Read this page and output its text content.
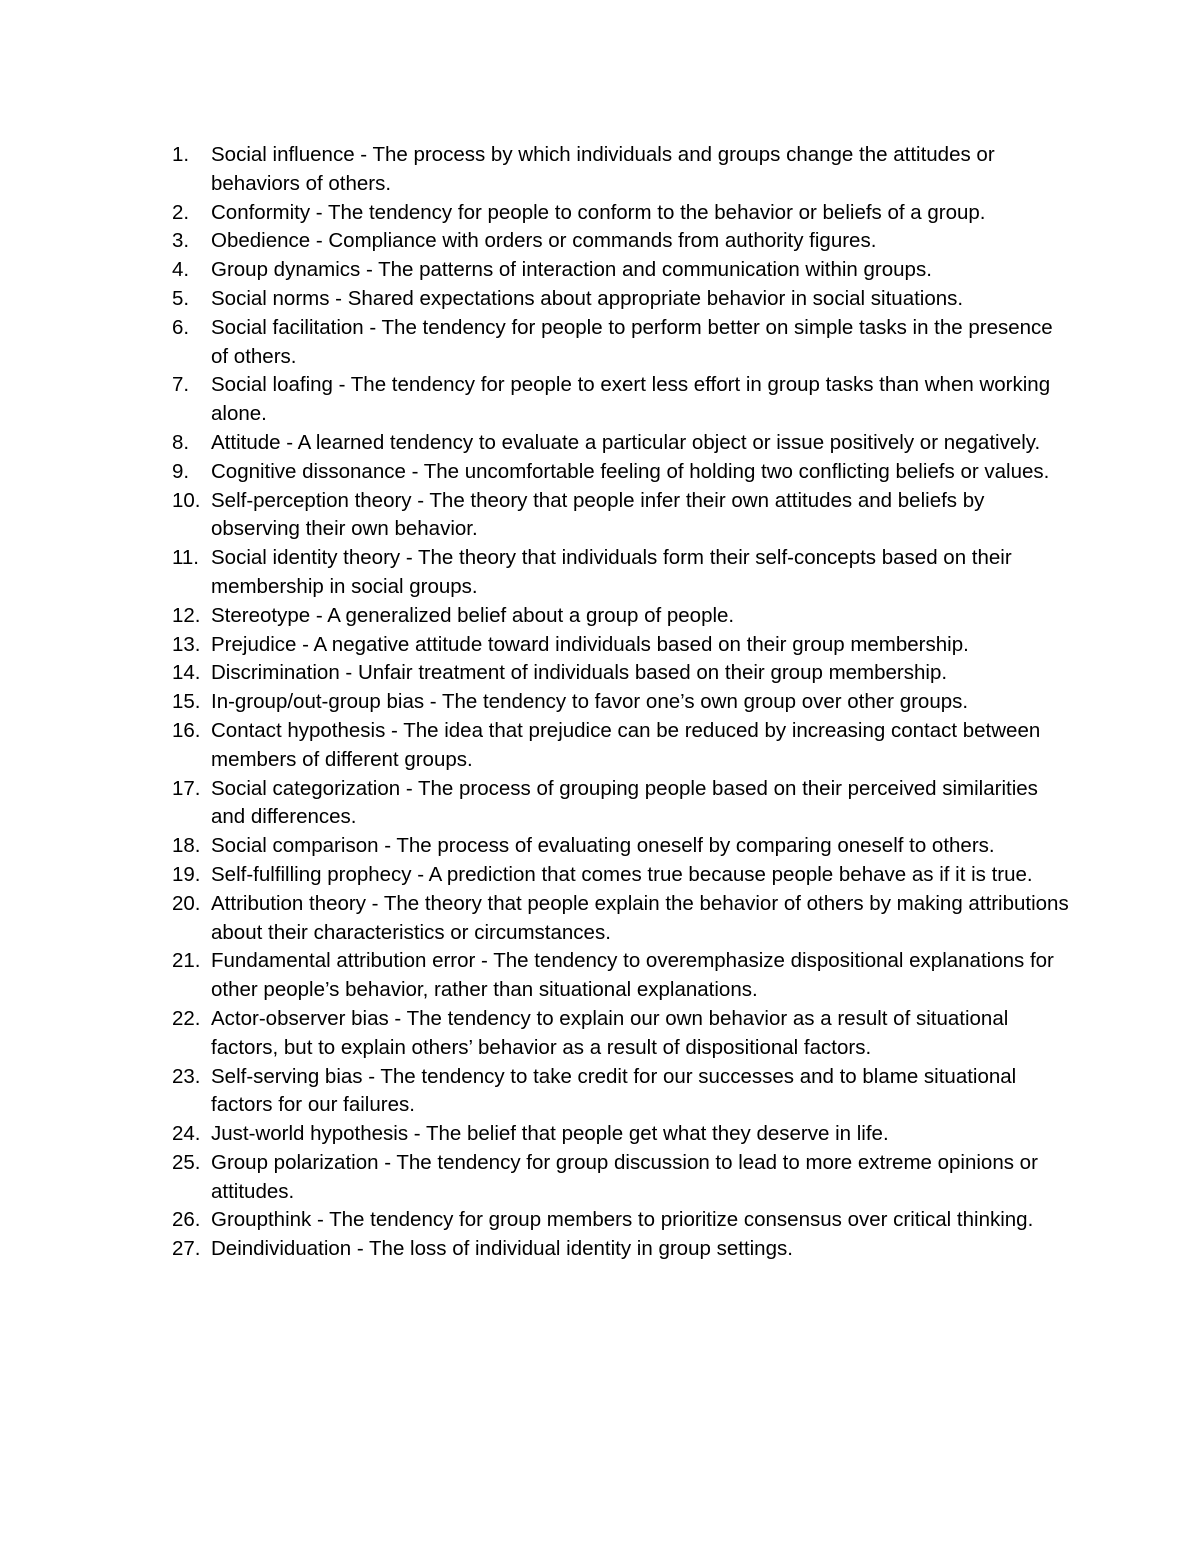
1.	Social influence - The process by which individuals and groups change the attitudes or behaviors of others.
2.	Conformity - The tendency for people to conform to the behavior or beliefs of a group.
3.	Obedience - Compliance with orders or commands from authority figures.
4.	Group dynamics - The patterns of interaction and communication within groups.
5.	Social norms - Shared expectations about appropriate behavior in social situations.
6.	Social facilitation - The tendency for people to perform better on simple tasks in the presence of others.
7.	Social loafing - The tendency for people to exert less effort in group tasks than when working alone.
8.	Attitude - A learned tendency to evaluate a particular object or issue positively or negatively.
9.	Cognitive dissonance - The uncomfortable feeling of holding two conflicting beliefs or values.
10. Self-perception theory - The theory that people infer their own attitudes and beliefs by observing their own behavior.
11. Social identity theory - The theory that individuals form their self-concepts based on their membership in social groups.
12. Stereotype - A generalized belief about a group of people.
13. Prejudice - A negative attitude toward individuals based on their group membership.
14. Discrimination - Unfair treatment of individuals based on their group membership.
15. In-group/out-group bias - The tendency to favor one’s own group over other groups.
16. Contact hypothesis - The idea that prejudice can be reduced by increasing contact between members of different groups.
17. Social categorization - The process of grouping people based on their perceived similarities and differences.
18. Social comparison - The process of evaluating oneself by comparing oneself to others.
19. Self-fulfilling prophecy - A prediction that comes true because people behave as if it is true.
20. Attribution theory - The theory that people explain the behavior of others by making attributions about their characteristics or circumstances.
21. Fundamental attribution error - The tendency to overemphasize dispositional explanations for other people’s behavior, rather than situational explanations.
22. Actor-observer bias - The tendency to explain our own behavior as a result of situational factors, but to explain others’ behavior as a result of dispositional factors.
23. Self-serving bias - The tendency to take credit for our successes and to blame situational factors for our failures.
24. Just-world hypothesis - The belief that people get what they deserve in life.
25. Group polarization - The tendency for group discussion to lead to more extreme opinions or attitudes.
26. Groupthink - The tendency for group members to prioritize consensus over critical thinking.
27. Deindividuation - The loss of individual identity in group settings.
